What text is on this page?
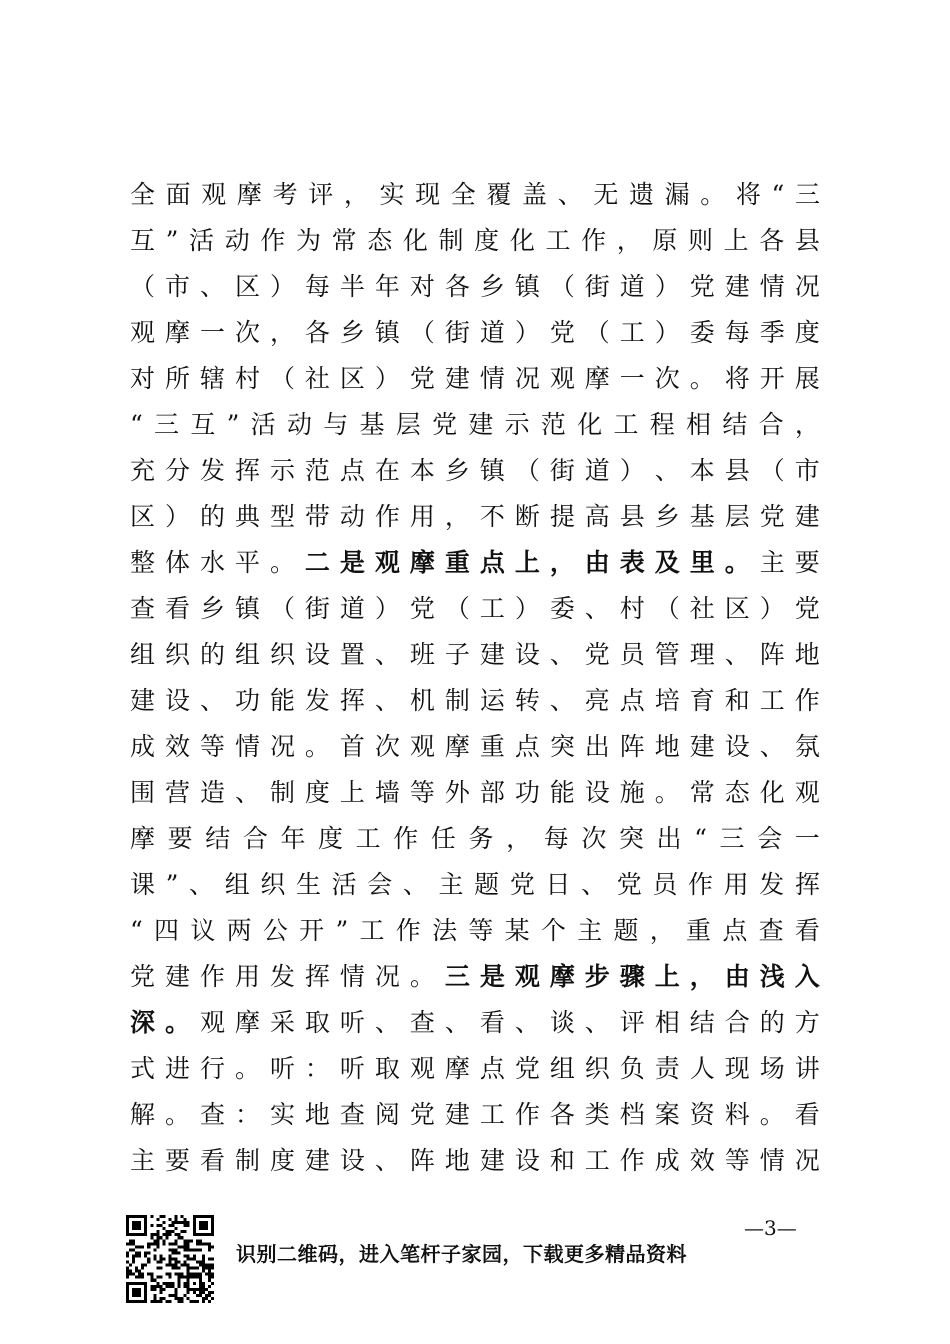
全 面 观 摩 考 评 ， 实 现 全 覆 盖 、 无 遗 漏 。 将 “ 三
互 ” 活 动 作 为 常 态 化 制 度 化 工 作 ， 原 则 上 各 县
（ 市 、 区 ） 每 半 年 对 各 乡 镇 （ 街 道 ） 党 建 情 况
观 摩 一 次 ， 各 乡 镇 （ 街 道 ） 党 （ 工 ） 委 每 季 度
对 所 辖 村 （ 社 区 ） 党 建 情 况 观 摩 一 次 。 将 开 展
“ 三 互 ” 活 动 与 基 层 党 建 示 范 化 工 程 相 结 合 ，
充 分 发 挥 示 范 点 在 本 乡 镇 （ 街 道 ） 、 本 县 （ 市
区 ） 的 典 型 带 动 作 用 ， 不 断 提 高 县 乡 基 层 党 建
整 体 水 平 。 二 是 观 摩 重 点 上 ， 由 表 及 里 。 主 要
查 看 乡 镇 （ 街 道 ） 党 （ 工 ） 委 、 村 （ 社 区 ） 党
组 织 的 组 织 设 置 、 班 子 建 设 、 党 员 管 理 、 阵 地
建 设 、 功 能 发 挥 、 机 制 运 转 、 亮 点 培 育 和 工 作
成 效 等 情 况 。 首 次 观 摩 重 点 突 出 阵 地 建 设 、 氛
围 营 造 、 制 度 上 墙 等 外 部 功 能 设 施 。 常 态 化 观
摩 要 结 合 年 度 工 作 任 务 ， 每 次 突 出 “ 三 会 一
课 ” 、 组 织 生 活 会 、 主 题 党 日 、 党 员 作 用 发 挥
“ 四 议 两 公 开 ” 工 作 法 等 某 个 主 题 ， 重 点 查 看
党 建 作 用 发 挥 情 况 。 三 是 观 摩 步 骤 上 ， 由 浅 入
深 。 观 摩 采 取 听 、 查 、 看 、 谈 、 评 相 结 合 的 方
式 进 行 。 听 ： 听 取 观 摩 点 党 组 织 负 责 人 现 场 讲
解 。 查 ： 实 地 查 阅 党 建 工 作 各 类 档 案 资 料 。 看
主 要 看 制 度 建 设 、 阵 地 建 设 和 工 作 成 效 等 情 况
识别二维码，进入笔杆子家园，下载更多精品资料
—3—
